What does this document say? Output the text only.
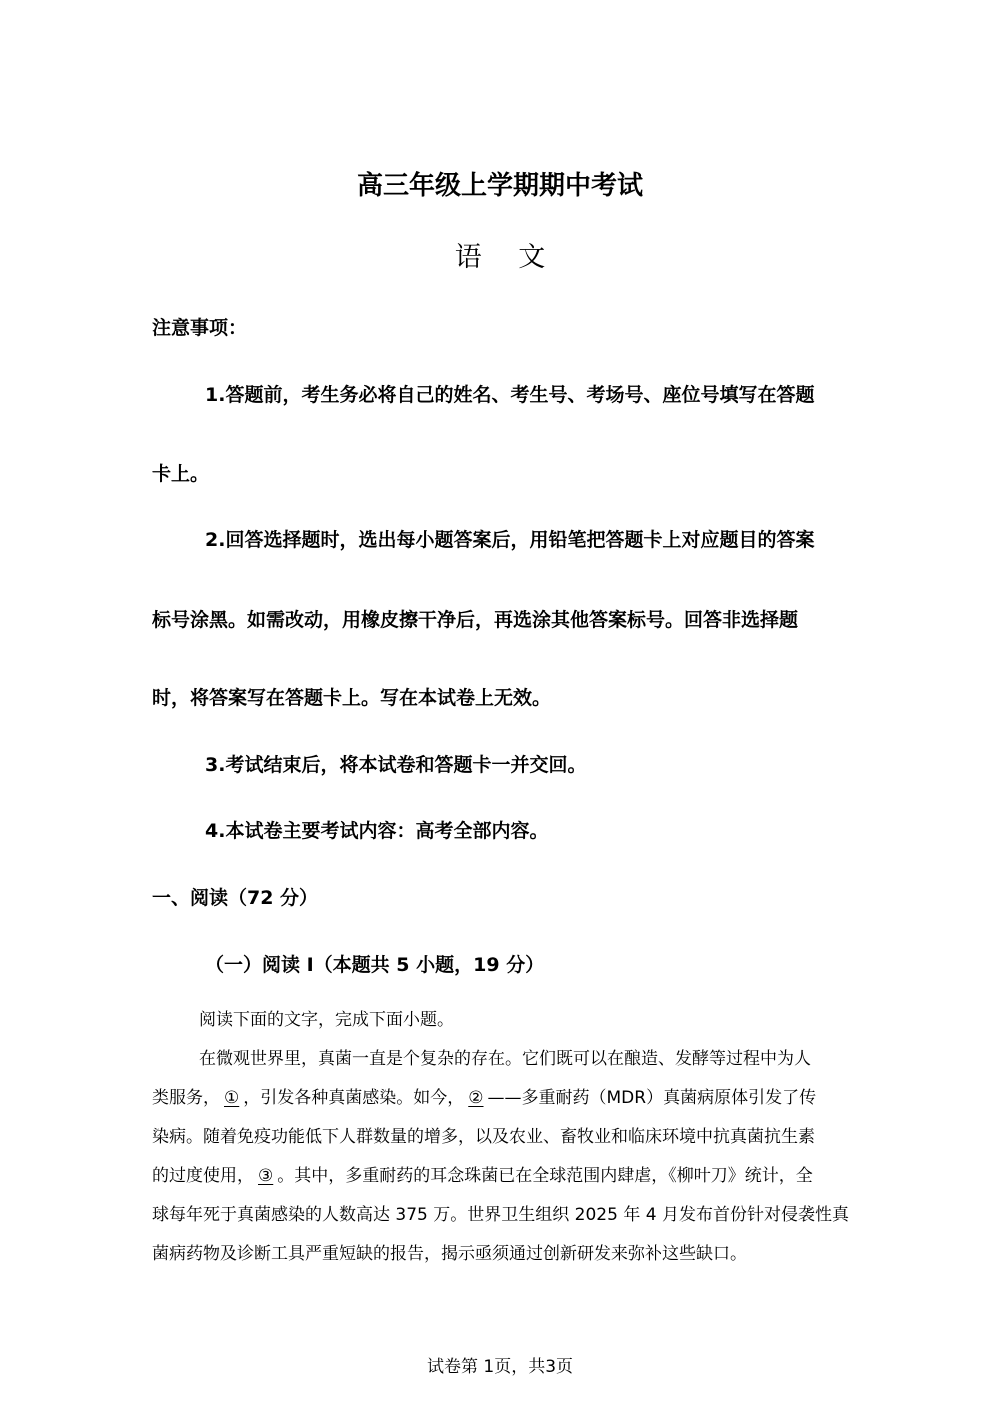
高三年级上学期期中考试
语 文
注意事项：
1.答题前，考生务必将自己的姓名、考生号、考场号、座位号填写在答题
卡上。
2.回答选择题时，选出每小题答案后，用铅笔把答题卡上对应题目的答案
标号涂黑。如需改动，用橡皮擦干净后，再选涂其他答案标号。回答非选择题
时，将答案写在答题卡上。写在本试卷上无效。
3.考试结束后，将本试卷和答题卡一并交回。
4.本试卷主要考试内容：高考全部内容。
一、阅读（72 分）
（一）阅读 I（本题共 5 小题，19 分）
阅读下面的文字，完成下面小题。
在微观世界里，真菌一直是个复杂的存在。它们既可以在酿造、发酵等过程中为人
类服务， ① ，引发各种真菌感染。如今， ② ——多重耐药（MDR）真菌病原体引发了传
染病。随着免疫功能低下人群数量的增多，以及农业、畜牧业和临床环境中抗真菌抗生素
的过度使用， ③ 。其中，多重耐药的耳念珠菌已在全球范围内肆虐，《柳叶刀》统计，全
球每年死于真菌感染的人数高达 375 万。世界卫生组织 2025 年 4 月发布首份针对侵袭性真
菌病药物及诊断工具严重短缺的报告，揭示亟须通过创新研发来弥补这些缺口。
试卷第 1页，共3页
